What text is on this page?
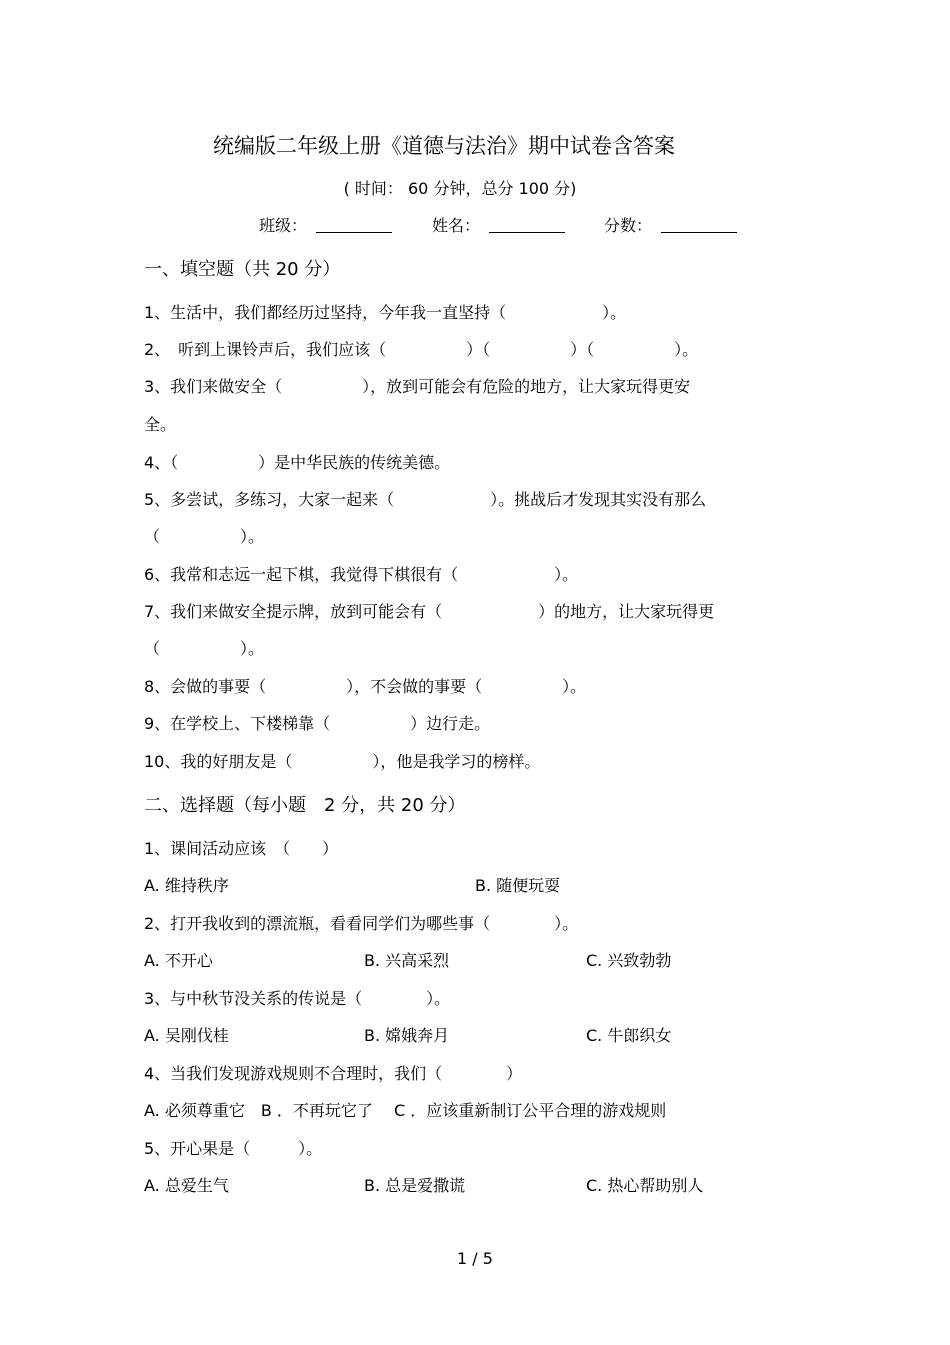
统编版二年级上册《道德与法治》期中试卷含答案
( 时间： 60 分钟，总分 100 分)
班级：	姓名：	分数：
一、填空题（共 20 分）
1、生活中，我们都经历过坚持，今年我一直坚持（　　　　　　）。
2、　听到上课铃声后，我们应该（　　　　　）（　　　　　）（　　　　　）。
3、我们来做安全（　　　　　），放到可能会有危险的地方，让大家玩得更安
全。
4、（　　　　　）是中华民族的传统美德。
5、多尝试，多练习，大家一起来（　　　　　　）。挑战后才发现其实没有那么
（　　　　　）。
6、我常和志远一起下棋，我觉得下棋很有（　　　　　　）。
7、我们来做安全提示牌，放到可能会有（　　　　　　）的地方，让大家玩得更
（　　　　　）。
8、会做的事要（　　　　　），不会做的事要（　　　　　）。
9、在学校上、下楼梯靠（　　　　　）边行走。
10、我的好朋友是（　　　　　），他是我学习的榜样。
二、选择题（每小题　2 分，共 20 分）
1、课间活动应该　（　　）
A. 维持秩序	B. 随便玩耍
2、打开我收到的漂流瓶，看看同学们为哪些事（　　　　）。
A. 不开心	B. 兴高采烈	C. 兴致勃勃
3、与中秋节没关系的传说是（　　　　）。
A. 吴刚伐桂	B. 嫦娥奔月	C. 牛郎织女
4、当我们发现游戏规则不合理时，我们（　　　　）
A. 必须尊重它　B ．不再玩它了　 C ．应该重新制订公平合理的游戏规则
5、开心果是（　　　）。
A. 总爱生气	B. 总是爱撒谎	C. 热心帮助别人
1 / 5
